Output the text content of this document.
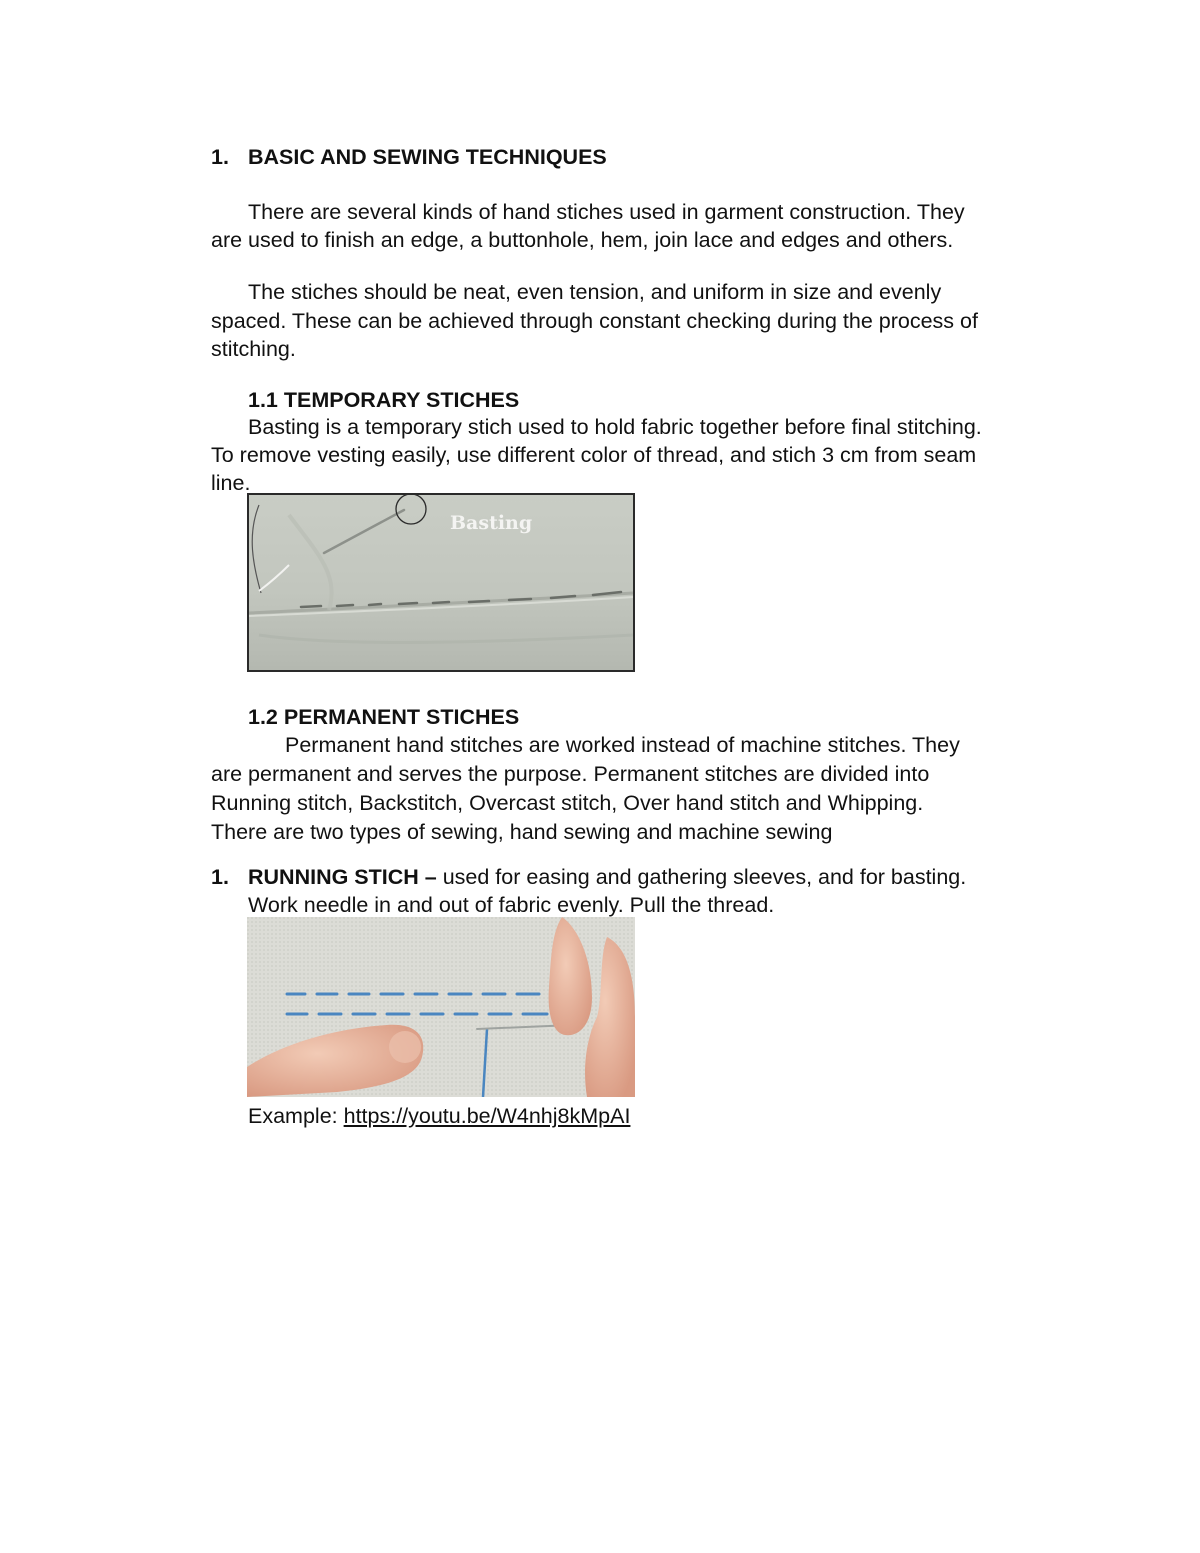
1. BASIC AND SEWING TECHNIQUES
There are several kinds of hand stiches used in garment construction. They
are used to finish an edge, a buttonhole, hem, join lace and edges and others.
The stiches should be neat, even tension, and uniform in size and evenly
spaced. These can be achieved through constant checking during the process of
stitching.
1.1 TEMPORARY STICHES
Basting is a temporary stich used to hold fabric together before final stitching.
To remove vesting easily, use different color of thread, and stich 3 cm from seam
line.
Basting
1.2 PERMANENT STICHES
Permanent hand stitches are worked instead of machine stitches. They
are permanent and serves the purpose. Permanent stitches are divided into
Running stitch, Backstitch, Overcast stitch, Over hand stitch and Whipping.
There are two types of sewing, hand sewing and machine sewing
1. RUNNING STICH – used for easing and gathering sleeves, and for basting.
Work needle in and out of fabric evenly. Pull the thread.
Example: https://youtu.be/W4nhj8kMpAI
